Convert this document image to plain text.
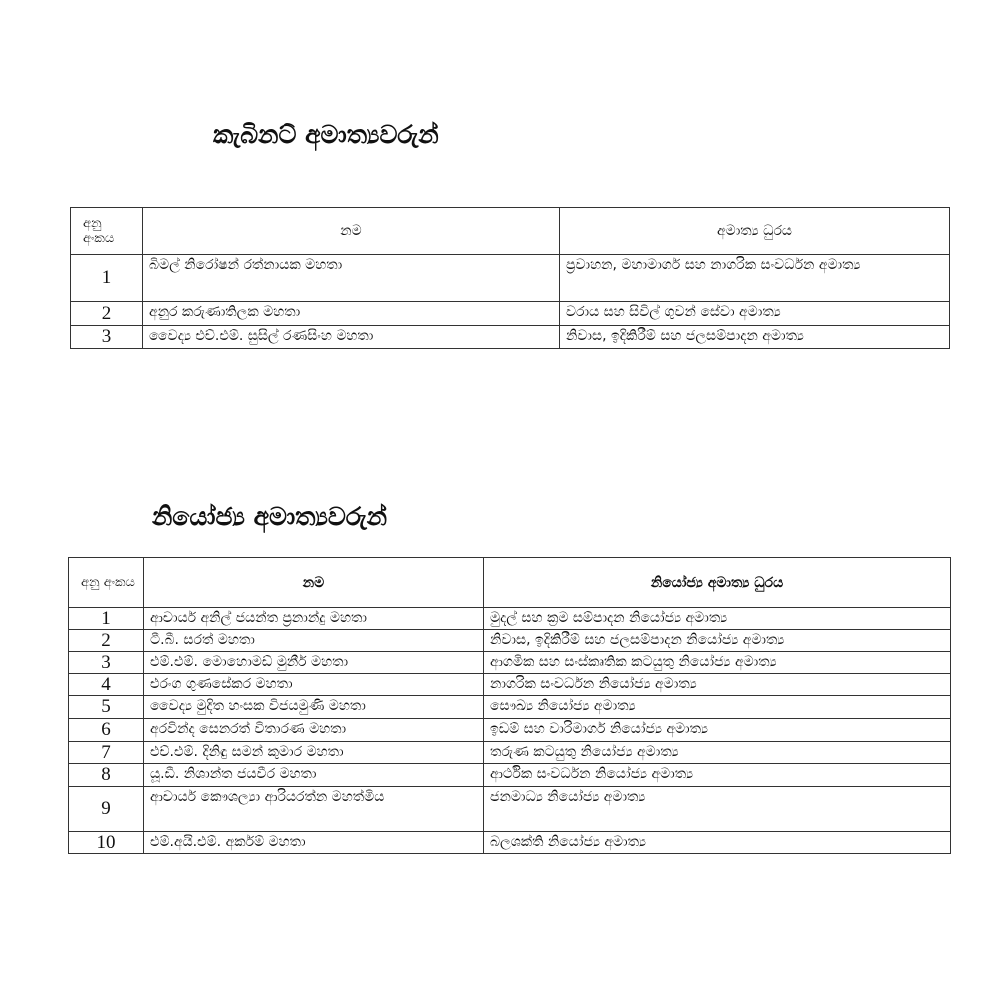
කැබිනට් අමාත්‍යවරුන්
අනු අංකය	නම	අමාත්‍ය ධුරය
1	බිමල් නිරෝෂන් රත්නායක මහතා	ප්‍රවාහන, මහාමාර්ග සහ නාගරික සංවර්ධන අමාත්‍ය
2	අනුර කරුණාතිලක මහතා	වරාය සහ සිවිල් ගුවන් සේවා අමාත්‍ය
3	වෛද්‍ය එච්.එම්. සුසිල් රණසිංහ මහතා	නිවාස, ඉදිකිරීම් සහ ජලසම්පාදන අමාත්‍ය
නියෝජ්‍ය අමාත්‍යවරුන්
අනු අංකය	නම	නියෝජ්‍ය අමාත්‍ය ධුරය
1	ආචාර්ය අනිල් ජයන්ත ප්‍රනාන්දු මහතා	මුදල් සහ ක්‍රම සම්පාදන නියෝජ්‍ය අමාත්‍ය
2	ටී.බී. සරත් මහතා	නිවාස, ඉදිකිරීම් සහ ජලසම්පාදන නියෝජ්‍ය අමාත්‍ය
3	එම්.එම්. මොහොමඩ් මුනීර් මහතා	ආගමික සහ සංස්කෘතික කටයුතු නියෝජ්‍ය අමාත්‍ය
4	එරංග ගුණසේකර මහතා	නාගරික සංවර්ධන නියෝජ්‍ය අමාත්‍ය
5	වෛද්‍ය මුදිත හංසක විජයමුණි මහතා	සෞඛ්‍ය නියෝජ්‍ය අමාත්‍ය
6	අරවින්ද සෙනරත් විතාරණ මහතා	ඉඩම් සහ වාරිමාර්ග නියෝජ්‍ය අමාත්‍ය
7	එච්.එම්. දිනිඳු සමන් කුමාර මහතා	තරුණ කටයුතු නියෝජ්‍ය අමාත්‍ය
8	යූ.ඩී. නිශාන්ත ජයවීර මහතා	ආර්ථික සංවර්ධන නියෝජ්‍ය අමාත්‍ය
9	ආචාර්ය කෞශල්‍යා ආරියරත්න මහත්මිය	ජනමාධ්‍ය නියෝජ්‍ය අමාත්‍ය
10	එම්.අයි.එම්. අර්කම් මහතා	බලශක්ති නියෝජ්‍ය අමාත්‍ය
